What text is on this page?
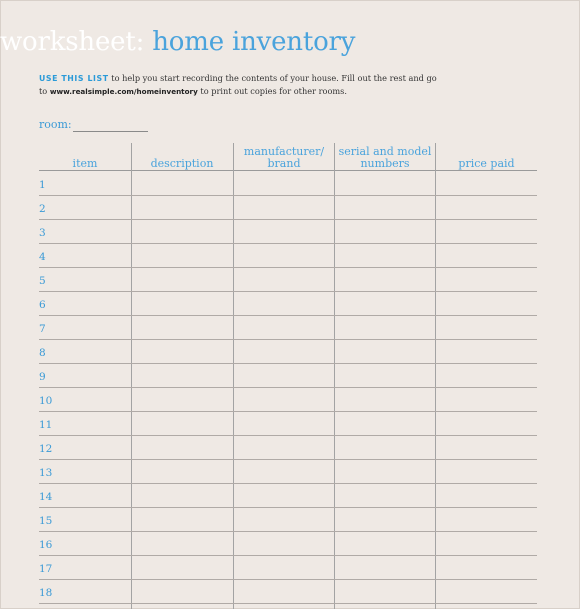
worksheet: home inventory
USE THIS LIST to help you start recording the contents of your house. Fill out the rest and go
to www.realsimple.com/homeinventory to print out copies for other rooms.
room:
item	description
manufacturer/ brand
serial and model numbers	price paid
1
2
3
4
5
6
7
8
9
10
11
12
13
14
15
16
17
18
